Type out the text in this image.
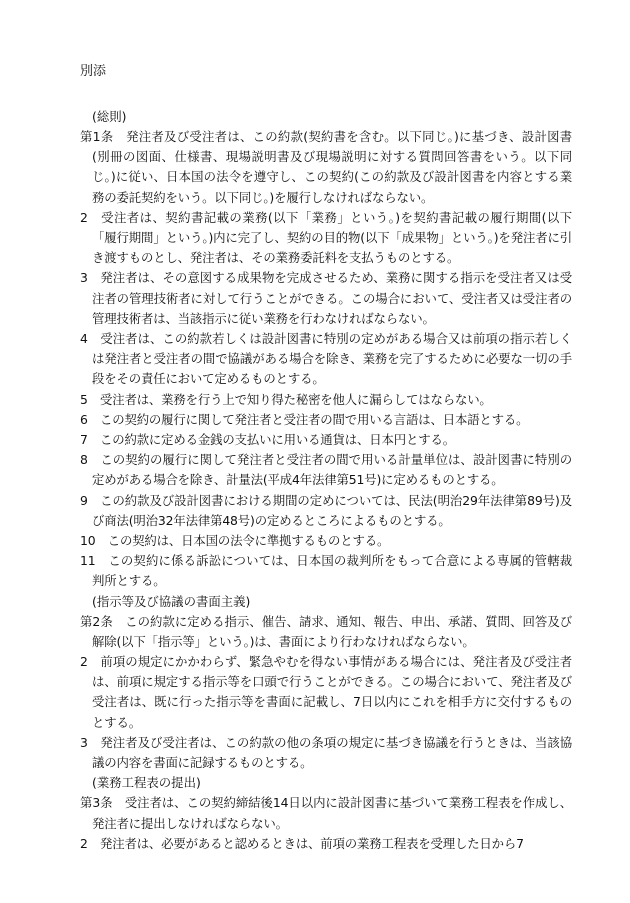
別添

(総則)

第1条　発注者及び受注者は、この約款(契約書を含む。以下同じ。)に基づき、設計図書(別冊の図面、仕様書、現場説明書及び現場説明に対する質問回答書をいう。以下同じ。)に従い、日本国の法令を遵守し、この契約(この約款及び設計図書を内容とする業務の委託契約をいう。以下同じ。)を履行しなければならない。

2　受注者は、契約書記載の業務(以下「業務」という。)を契約書記載の履行期間(以下「履行期間」という。)内に完了し、契約の目的物(以下「成果物」という。)を発注者に引き渡すものとし、発注者は、その業務委託料を支払うものとする。

3　発注者は、その意図する成果物を完成させるため、業務に関する指示を受注者又は受注者の管理技術者に対して行うことができる。この場合において、受注者又は受注者の管理技術者は、当該指示に従い業務を行わなければならない。

4　受注者は、この約款若しくは設計図書に特別の定めがある場合又は前項の指示若しくは発注者と受注者の間で協議がある場合を除き、業務を完了するために必要な一切の手段をその責任において定めるものとする。

5　受注者は、業務を行う上で知り得た秘密を他人に漏らしてはならない。

6　この契約の履行に関して発注者と受注者の間で用いる言語は、日本語とする。

7　この約款に定める金銭の支払いに用いる通貨は、日本円とする。

8　この契約の履行に関して発注者と受注者の間で用いる計量単位は、設計図書に特別の定めがある場合を除き、計量法(平成4年法律第51号)に定めるものとする。

9　この約款及び設計図書における期間の定めについては、民法(明治29年法律第89号)及び商法(明治32年法律第48号)の定めるところによるものとする。

10　この契約は、日本国の法令に準拠するものとする。

11　この契約に係る訴訟については、日本国の裁判所をもって合意による専属的管轄裁判所とする。

(指示等及び協議の書面主義)

第2条　この約款に定める指示、催告、請求、通知、報告、申出、承諾、質問、回答及び解除(以下「指示等」という。)は、書面により行わなければならない。

2　前項の規定にかかわらず、緊急やむを得ない事情がある場合には、発注者及び受注者は、前項に規定する指示等を口頭で行うことができる。この場合において、発注者及び受注者は、既に行った指示等を書面に記載し、7日以内にこれを相手方に交付するものとする。

3　発注者及び受注者は、この約款の他の条項の規定に基づき協議を行うときは、当該協議の内容を書面に記録するものとする。

(業務工程表の提出)

第3条　受注者は、この契約締結後14日以内に設計図書に基づいて業務工程表を作成し、発注者に提出しなければならない。

2　発注者は、必要があると認めるときは、前項の業務工程表を受理した日から7
